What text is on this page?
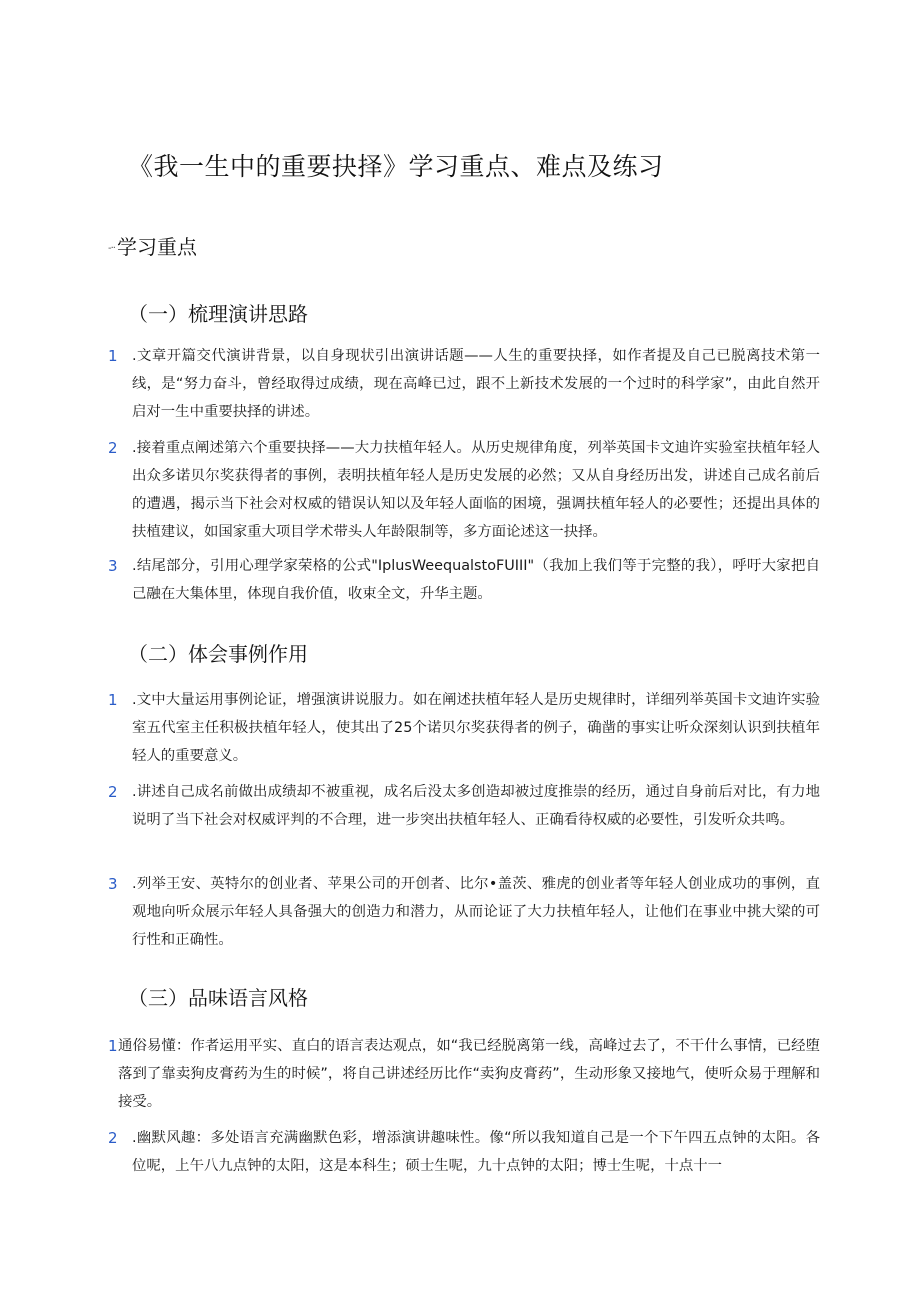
《我一生中的重要抉择》学习重点、难点及练习
-·· 学习重点
（一）梳理演讲思路
1	.文章开篇交代演讲背景，以自身现状引出演讲话题——人生的重要抉择，如作者提及自己已脱离技术第一线，是“努力奋斗，曾经取得过成绩，现在高峰已过，跟不上新技术发展的一个过时的科学家”，由此自然开启对一生中重要抉择的讲述。
2	.接着重点阐述第六个重要抉择——大力扶植年轻人。从历史规律角度，列举英国卡文迪许实验室扶植年轻人出众多诺贝尔奖获得者的事例，表明扶植年轻人是历史发展的必然；又从自身经历出发，讲述自己成名前后的遭遇，揭示当下社会对权威的错误认知以及年轻人面临的困境，强调扶植年轻人的必要性；还提出具体的扶植建议，如国家重大项目学术带头人年龄限制等，多方面论述这一抉择。
3	.结尾部分，引用心理学家荣格的公式"IplusWeequalstoFUIII"（我加上我们等于完整的我），呼吁大家把自己融在大集体里，体现自我价值，收束全文，升华主题。
（二）体会事例作用
1	.文中大量运用事例论证，增强演讲说服力。如在阐述扶植年轻人是历史规律时，详细列举英国卡文迪许实验室五代室主任积极扶植年轻人，使其出了25个诺贝尔奖获得者的例子，确凿的事实让听众深刻认识到扶植年轻人的重要意义。
2	.讲述自己成名前做出成绩却不被重视，成名后没太多创造却被过度推崇的经历，通过自身前后对比，有力地说明了当下社会对权威评判的不合理，进一步突出扶植年轻人、正确看待权威的必要性，引发听众共鸣。
3	.列举王安、英特尔的创业者、苹果公司的开创者、比尔•盖茨、雅虎的创业者等年轻人创业成功的事例，直观地向听众展示年轻人具备强大的创造力和潜力，从而论证了大力扶植年轻人，让他们在事业中挑大梁的可行性和正确性。
（三）品味语言风格
1 通俗易懂：作者运用平实、直白的语言表达观点，如“我已经脱离第一线，高峰过去了，不干什么事情，已经堕落到了靠卖狗皮膏药为生的时候”，将自己讲述经历比作“卖狗皮膏药”，生动形象又接地气，使听众易于理解和接受。
2	.幽默风趣：多处语言充满幽默色彩，增添演讲趣味性。像“所以我知道自己是一个下午四五点钟的太阳。各位呢，上午八九点钟的太阳，这是本科生；硕士生呢，九十点钟的太阳；博士生呢，十点十一
